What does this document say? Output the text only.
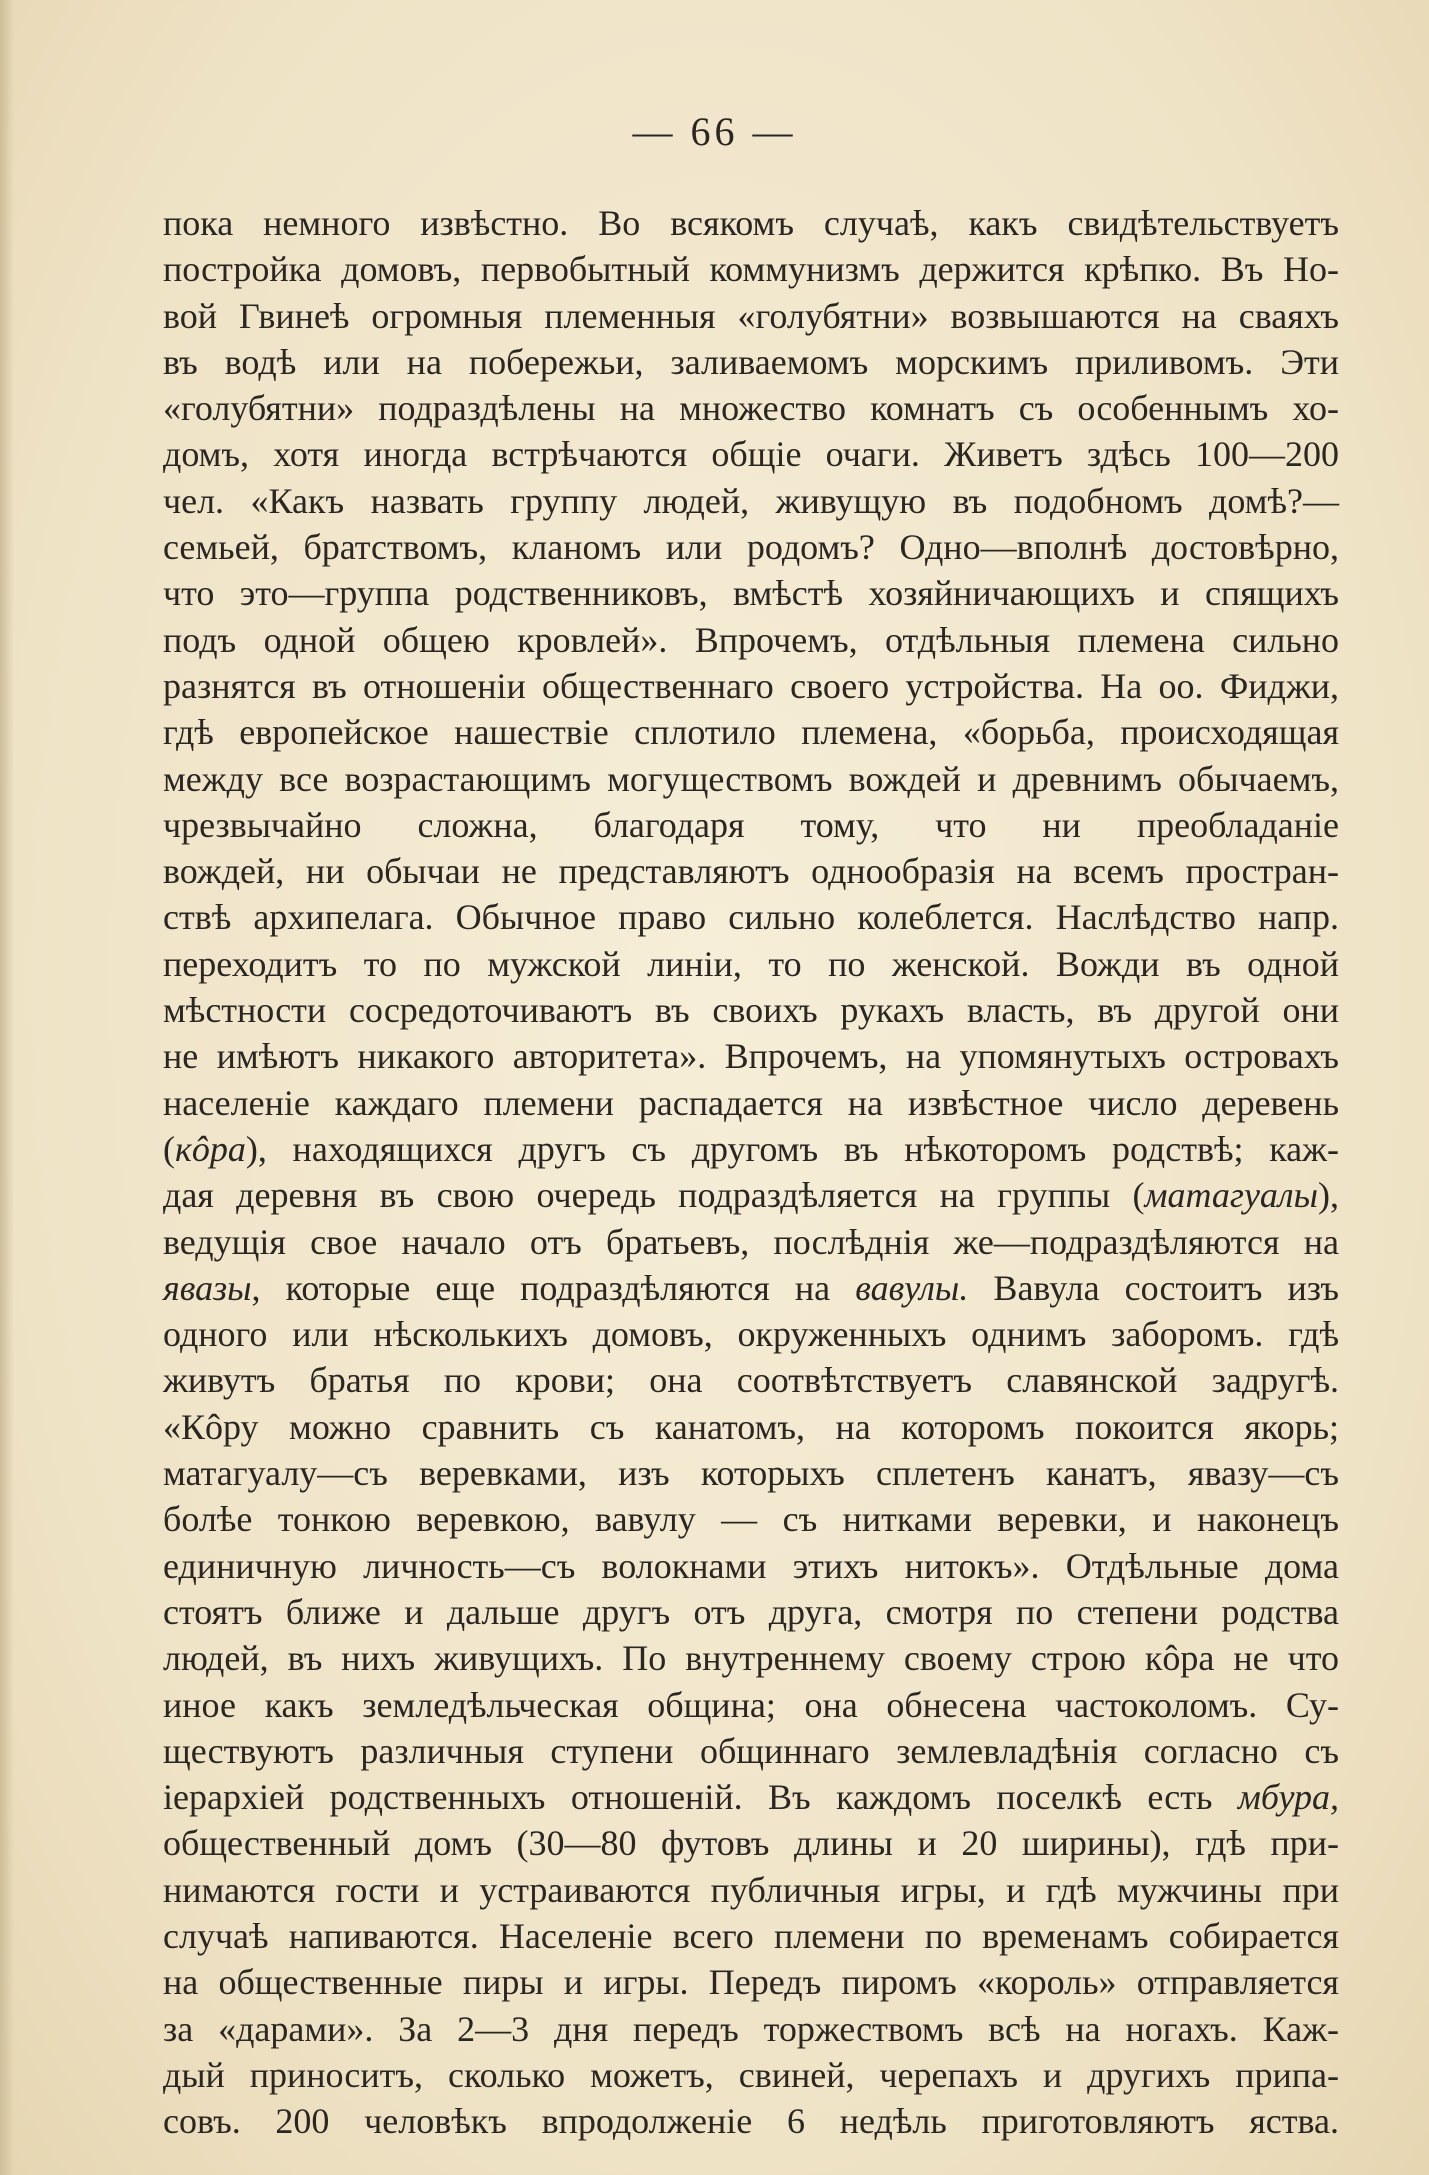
— 66 —
пока немного извѣстно. Во всякомъ случаѣ, какъ свидѣтельствуетъ
постройка домовъ, первобытный коммунизмъ держится крѣпко. Въ Но-
вой Гвинеѣ огромныя племенныя «голубятни» возвышаются на сваяхъ
въ водѣ или на побережьи, заливаемомъ морскимъ приливомъ. Эти
«голубятни» подраздѣлены на множество комнатъ съ особеннымъ хо-
домъ, хотя иногда встрѣчаются общіе очаги. Живетъ здѣсь 100—200
чел. «Какъ назвать группу людей, живущую въ подобномъ домѣ?—
семьей, братствомъ, кланомъ или родомъ? Одно—вполнѣ достовѣрно,
что это—группа родственниковъ, вмѣстѣ хозяйничающихъ и спящихъ
подъ одной общею кровлей». Впрочемъ, отдѣльныя племена сильно
разнятся въ отношеніи общественнаго своего устройства. На оо. Фиджи,
гдѣ европейское нашествіе сплотило племена, «борьба, происходящая
между все возрастающимъ могуществомъ вождей и древнимъ обычаемъ,
чрезвычайно сложна, благодаря тому, что ни преобладаніе
вождей, ни обычаи не представляютъ однообразія на всемъ простран-
ствѣ архипелага. Обычное право сильно колеблется. Наслѣдство напр.
переходитъ то по мужской линіи, то по женской. Вожди въ одной
мѣстности сосредоточиваютъ въ своихъ рукахъ власть, въ другой они
не имѣютъ никакого авторитета». Впрочемъ, на упомянутыхъ островахъ
населеніе каждаго племени распадается на извѣстное число деревень
(кôра), находящихся другъ съ другомъ въ нѣкоторомъ родствѣ; каж-
дая деревня въ свою очередь подраздѣляется на группы (матагуалы),
ведущія свое начало отъ братьевъ, послѣднія же—подраздѣляются на
явазы, которые еще подраздѣляются на вавулы. Вавула состоитъ изъ
одного или нѣсколькихъ домовъ, окруженныхъ однимъ заборомъ. гдѣ
живутъ братья по крови; она соотвѣтствуетъ славянской задругѣ.
«Кôру можно сравнить съ канатомъ, на которомъ покоится якорь;
матагуалу—съ веревками, изъ которыхъ сплетенъ канатъ, явазу—съ
болѣе тонкою веревкою, вавулу — съ нитками веревки, и наконецъ
единичную личность—съ волокнами этихъ нитокъ». Отдѣльные дома
стоятъ ближе и дальше другъ отъ друга, смотря по степени родства
людей, въ нихъ живущихъ. По внутреннему своему строю кôра не что
иное какъ земледѣльческая община; она обнесена частоколомъ. Су-
ществуютъ различныя ступени общиннаго землевладѣнія согласно съ
іерархіей родственныхъ отношеній. Въ каждомъ поселкѣ есть мбура,
общественный домъ (30—80 футовъ длины и 20 ширины), гдѣ при-
нимаются гости и устраиваются публичныя игры, и гдѣ мужчины при
случаѣ напиваются. Населеніе всего племени по временамъ собирается
на общественные пиры и игры. Передъ пиромъ «король» отправляется
за «дарами». За 2—3 дня передъ торжествомъ всѣ на ногахъ. Каж-
дый приноситъ, сколько можетъ, свиней, черепахъ и другихъ припа-
совъ. 200 человѣкъ впродолженіе 6 недѣль приготовляютъ яства.
